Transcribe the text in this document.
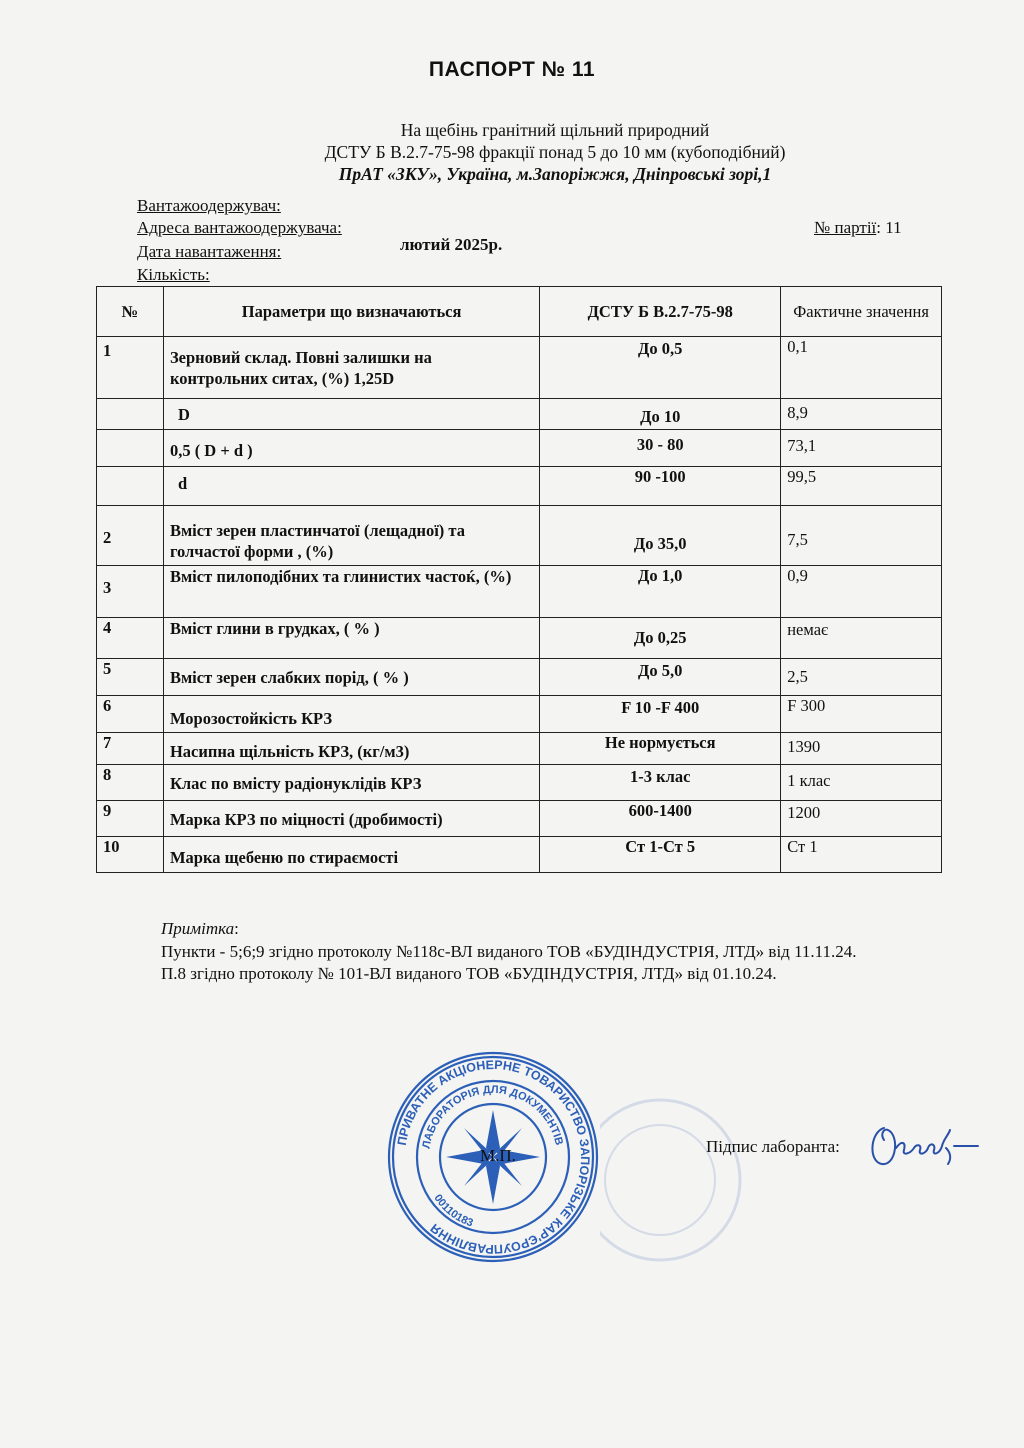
ПАСПОРТ № 11
На щебінь гранітний щільний природний
ДСТУ Б В.2.7-75-98 фракції понад 5 до 10 мм (кубоподібний)
ПрАТ «ЗКУ», Україна, м.Запоріжжя, Дніпровські зорі,1
Вантажоодержувач:
Адреса вантажоодержувача:
Дата навантаження:	лютий 2025р.
Кількість:
№ партії: 11
№	Параметри що визначаються	ДСТУ Б В.2.7-75-98	Фактичне значення
1	Зерновий склад. Повні залишки на контрольних ситах, (%) 1,25D	До 0,5	0,1
	D	До 10	8,9
	0,5 ( D + d )	30 - 80	73,1
	d	90 -100	99,5
2	Вміст зерен пластинчатої (лещадної) та голчастої форми , (%)	До 35,0	7,5
3	Вміст пилоподібних та глинистих частоќ, (%)	До 1,0	0,9
4	Вміст глини в грудках, ( % )	До 0,25	немає
5	Вміст зерен слабких порід, ( % )	До 5,0	2,5
6	Морозостойкість КРЗ	F 10 -F 400	F 300
7	Насипна щільність КРЗ, (кг/м3)	Не нормується	1390
8	Клас по вмісту радіонуклідів КРЗ	1-3 клас	1 клас
9	Марка КРЗ по міцності (дробимості)	600-1400	1200
10	Марка щебеню по стираємості	Ст 1-Ст 5	Ст 1
Примітка:
Пункти - 5;6;9 згідно протоколу №118с-ВЛ виданого ТОВ «БУДІНДУСТРІЯ, ЛТД» від 11.11.24.
П.8 згідно протоколу № 101-ВЛ виданого ТОВ «БУДІНДУСТРІЯ, ЛТД» від 01.10.24.
ПРИВАТНЕ АКЦІОНЕРНЕ ТОВАРИСТВО ЗАПОРІЗЬКЕ КАР'ЄРОУПРАВЛІННЯ
ЛАБОРАТОРІЯ ДЛЯ ДОКУМЕНТІВ
00110183
М.П.	Підпис лаборанта:
